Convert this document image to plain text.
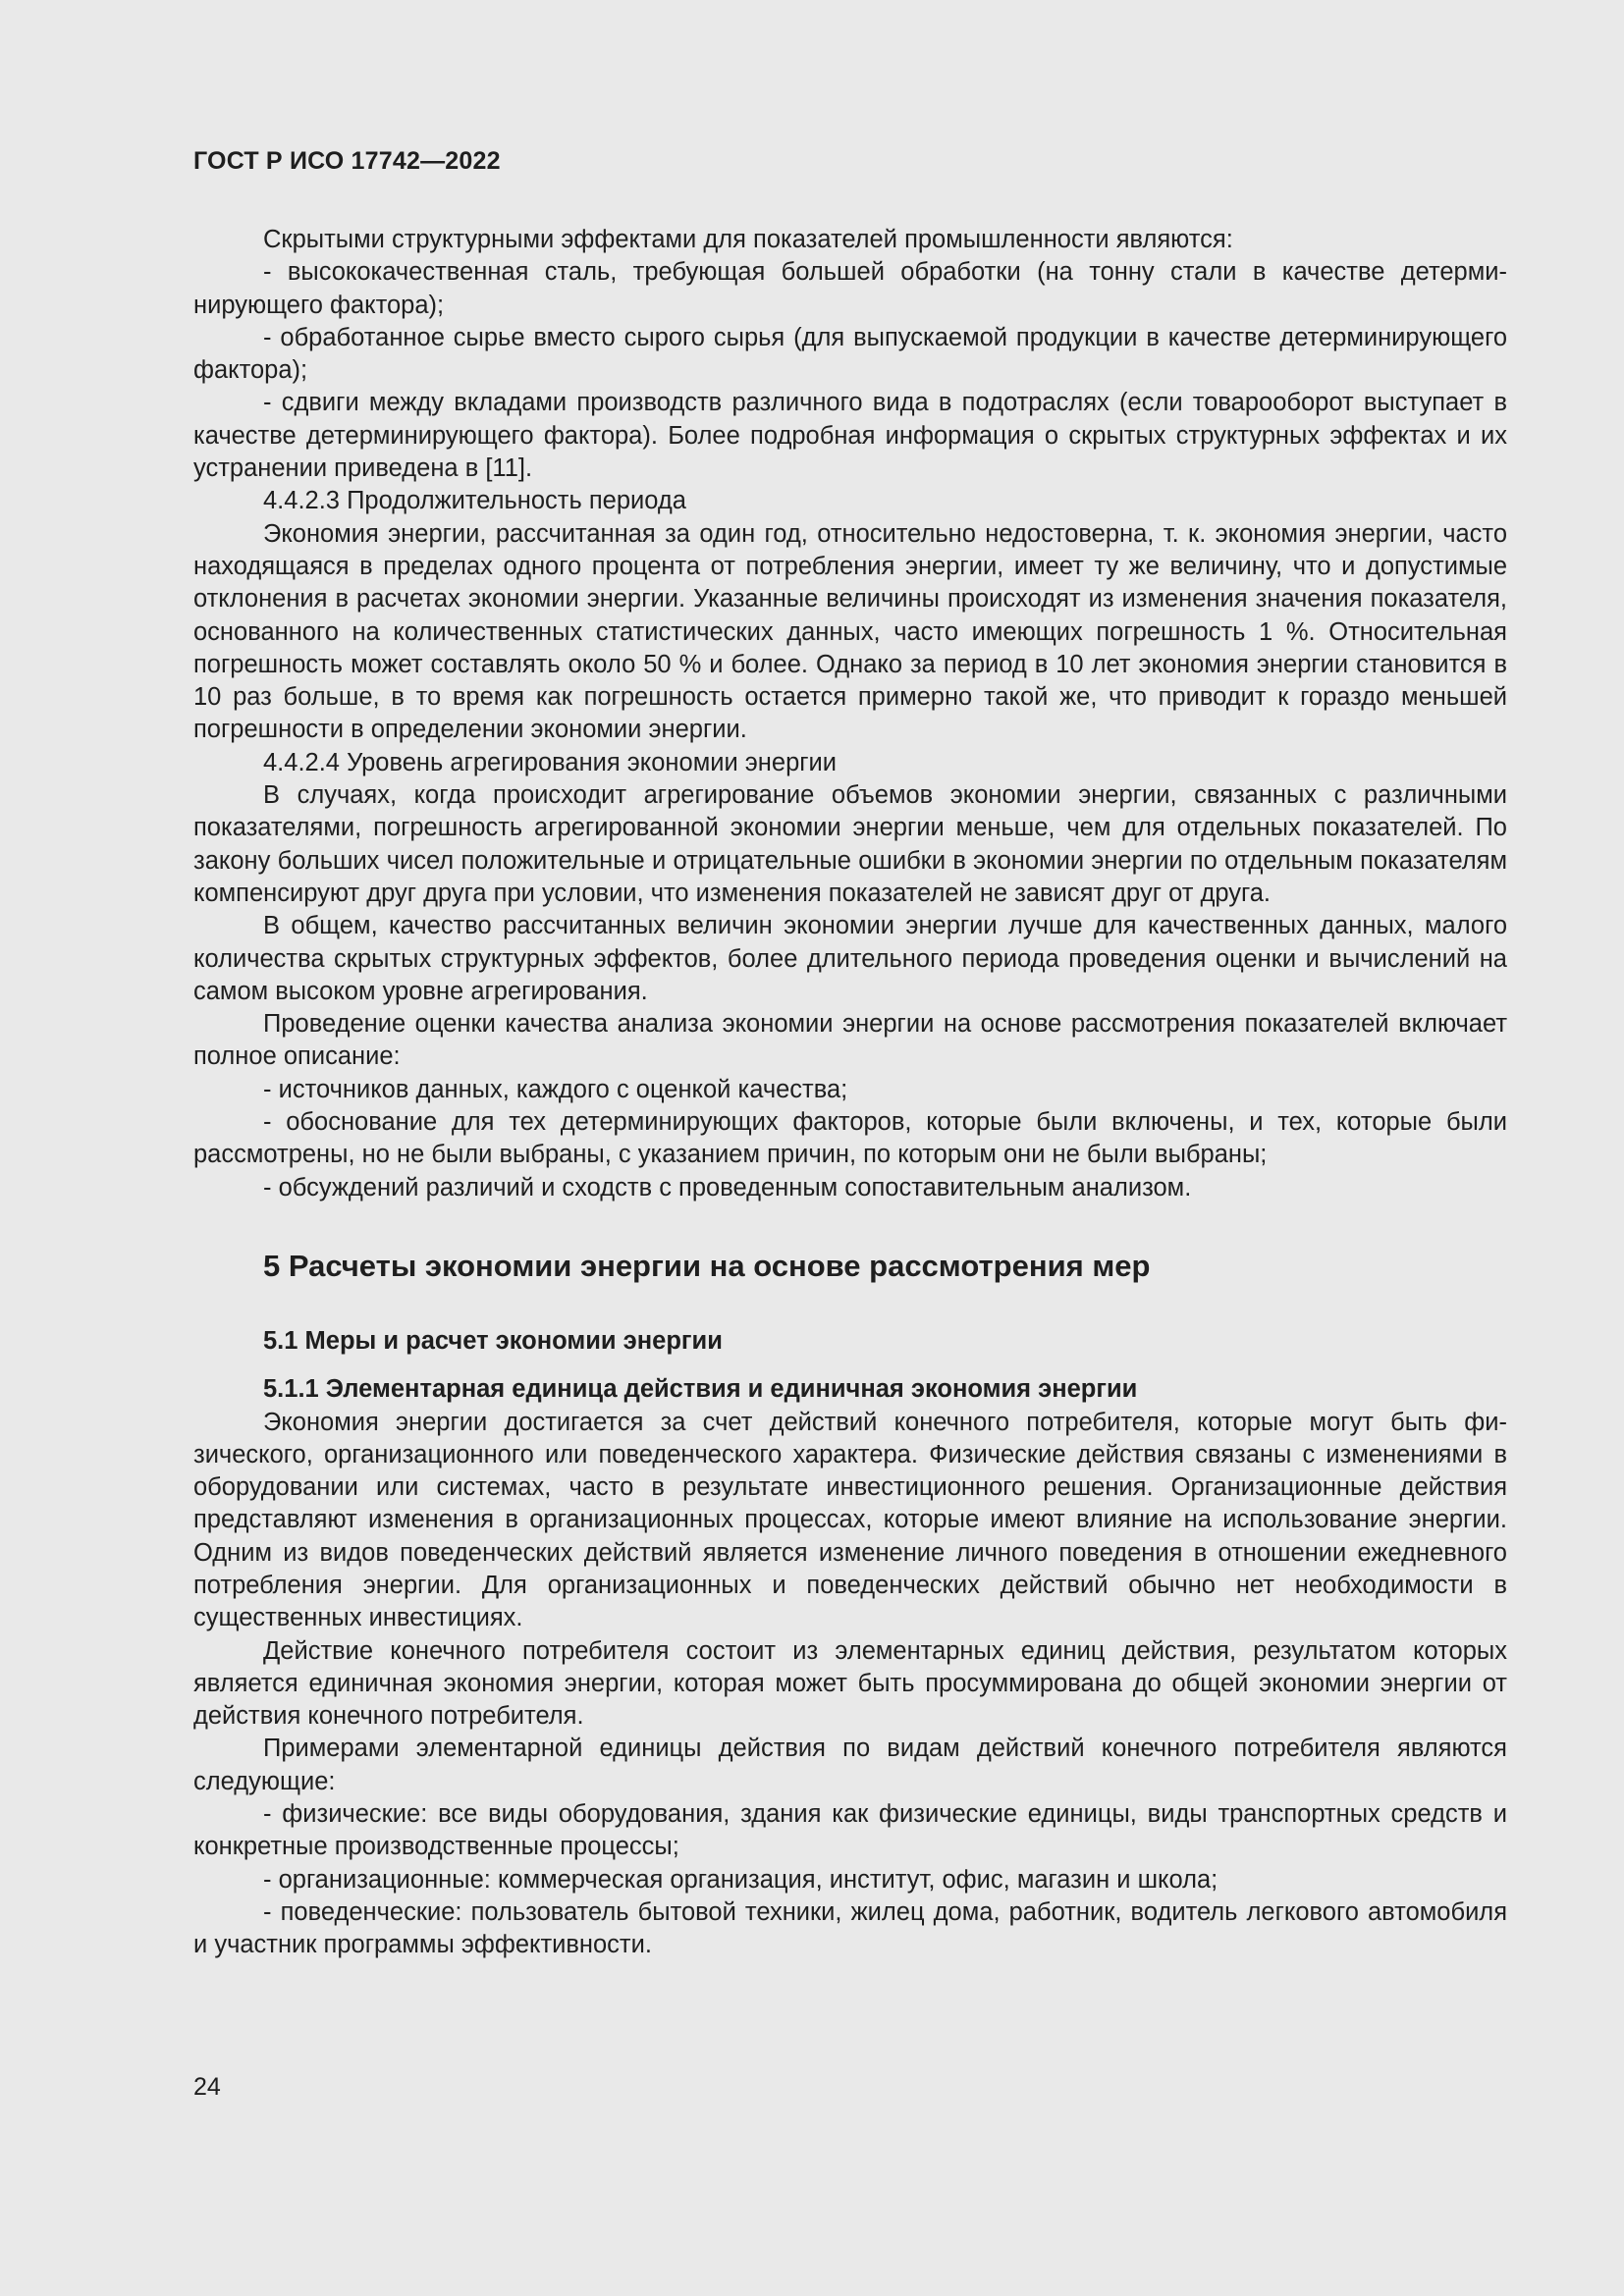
ГОСТ Р ИСО 17742—2022

Скрытыми структурными эффектами для показателей промышленности являются:

- высококачественная сталь, требующая большей обработки (на тонну стали в качестве детерминирующего фактора);

- обработанное сырье вместо сырого сырья (для выпускаемой продукции в качестве детерминирующего фактора);

- сдвиги между вкладами производств различного вида в подотраслях (если товарооборот выступает в качестве детерминирующего фактора). Более подробная информация о скрытых структурных эффектах и их устранении приведена в [11].

4.4.2.3 Продолжительность периода

Экономия энергии, рассчитанная за один год, относительно недостоверна, т. к. экономия энергии, часто находящаяся в пределах одного процента от потребления энергии, имеет ту же величину, что и допустимые отклонения в расчетах экономии энергии. Указанные величины происходят из изменения значения показателя, основанного на количественных статистических данных, часто имеющих погрешность 1 %. Относительная погрешность может составлять около 50 % и более. Однако за период в 10 лет экономия энергии становится в 10 раз больше, в то время как погрешность остается примерно такой же, что приводит к гораздо меньшей погрешности в определении экономии энергии.

4.4.2.4 Уровень агрегирования экономии энергии

В случаях, когда происходит агрегирование объемов экономии энергии, связанных с различными показателями, погрешность агрегированной экономии энергии меньше, чем для отдельных показателей. По закону больших чисел положительные и отрицательные ошибки в экономии энергии по отдельным показателям компенсируют друг друга при условии, что изменения показателей не зависят друг от друга.

В общем, качество рассчитанных величин экономии энергии лучше для качественных данных, малого количества скрытых структурных эффектов, более длительного периода проведения оценки и вычислений на самом высоком уровне агрегирования.

Проведение оценки качества анализа экономии энергии на основе рассмотрения показателей включает полное описание:

- источников данных, каждого с оценкой качества;

- обоснование для тех детерминирующих факторов, которые были включены, и тех, которые были рассмотрены, но не были выбраны, с указанием причин, по которым они не были выбраны;

- обсуждений различий и сходств с проведенным сопоставительным анализом.

5 Расчеты экономии энергии на основе рассмотрения мер
5.1 Меры и расчет экономии энергии
5.1.1 Элементарная единица действия и единичная экономия энергии

Экономия энергии достигается за счет действий конечного потребителя, которые могут быть физического, организационного или поведенческого характера. Физические действия связаны с изменениями в оборудовании или системах, часто в результате инвестиционного решения. Организационные действия представляют изменения в организационных процессах, которые имеют влияние на использование энергии. Одним из видов поведенческих действий является изменение личного поведения в отношении ежедневного потребления энергии. Для организационных и поведенческих действий обычно нет необходимости в существенных инвестициях.

Действие конечного потребителя состоит из элементарных единиц действия, результатом которых является единичная экономия энергии, которая может быть просуммирована до общей экономии энергии от действия конечного потребителя.

Примерами элементарной единицы действия по видам действий конечного потребителя являются следующие:

- физические: все виды оборудования, здания как физические единицы, виды транспортных средств и конкретные производственные процессы;

- организационные: коммерческая организация, институт, офис, магазин и школа;

- поведенческие: пользователь бытовой техники, жилец дома, работник, водитель легкового автомобиля и участник программы эффективности.

24
